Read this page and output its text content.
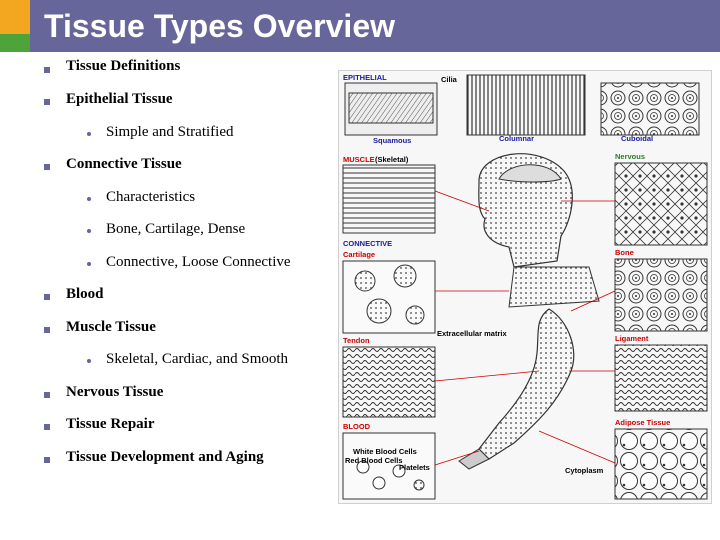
Tissue Types Overview
Tissue Definitions
Epithelial Tissue
Simple and Stratified
Connective Tissue
Characteristics
Bone, Cartilage, Dense
Connective, Loose Connective
Blood
Muscle Tissue
Skeletal, Cardiac, and Smooth
Nervous Tissue
Tissue Repair
Tissue Development and Aging
EPITHELIAL	Cilia
Squamous	Columnar	Cuboidal
MUSCLE (Skeletal)	Nervous
CONNECTIVE
Cartilage	Bone
Extracellular matrix
Tendon	Ligament
BLOOD
White Blood Cells
Red Blood Cells
Platelets
Adipose Tissue
Cytoplasm
